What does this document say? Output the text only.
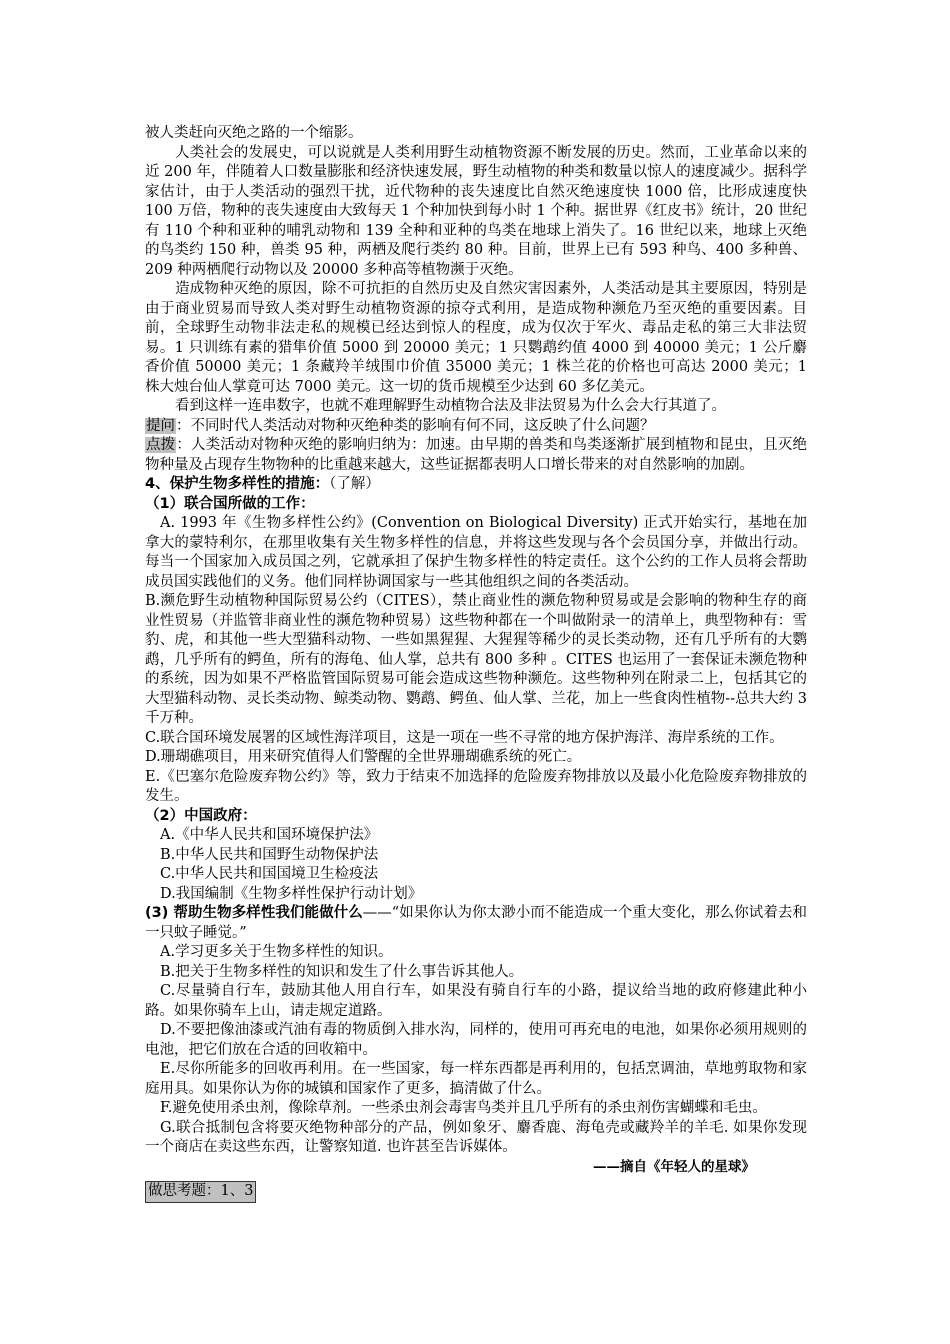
被人类赶向灭绝之路的一个缩影。

人类社会的发展史，可以说就是人类利用野生动植物资源不断发展的历史。然而，工业革命以来的近 200 年，伴随着人口数量膨胀和经济快速发展，野生动植物的种类和数量以惊人的速度减少。据科学家估计，由于人类活动的强烈干扰，近代物种的丧失速度比自然灭绝速度快 1000 倍，比形成速度快 100 万倍，物种的丧失速度由大致每天 1 个种加快到每小时 1 个种。据世界《红皮书》统计，20 世纪有 110 个种和亚种的哺乳动物和 139 全种和亚种的鸟类在地球上消失了。16 世纪以来，地球上灭绝的鸟类约 150 种，兽类 95 种，两栖及爬行类约 80 种。目前，世界上已有 593 种鸟、400 多种兽、209 种两栖爬行动物以及 20000 多种高等植物濒于灭绝。

造成物种灭绝的原因，除不可抗拒的自然历史及自然灾害因素外，人类活动是其主要原因，特别是由于商业贸易而导致人类对野生动植物资源的掠夺式利用，是造成物种濒危乃至灭绝的重要因素。目前，全球野生动物非法走私的规模已经达到惊人的程度，成为仅次于军火、毒品走私的第三大非法贸易。1 只训练有素的猎隼价值 5000 到 20000 美元；1 只鹦鹉约值 4000 到 40000 美元；1 公斤麝香价值 50000 美元；1 条藏羚羊绒围巾价值 35000 美元；1 株兰花的价格也可高达 2000 美元；1 株大烛台仙人掌竟可达 7000 美元。这一切的货币规模至少达到 60 多亿美元。

看到这样一连串数字，也就不难理解野生动植物合法及非法贸易为什么会大行其道了。

提问：不同时代人类活动对物种灭绝种类的影响有何不同，这反映了什么问题？

点拨：人类活动对物种灭绝的影响归纳为：加速。由早期的兽类和鸟类逐渐扩展到植物和昆虫，且灭绝物种量及占现存生物物种的比重越来越大，这些证据都表明人口增长带来的对自然影响的加剧。

4、保护生物多样性的措施：（了解）

（1）联合国所做的工作：

A. 1993 年《生物多样性公约》(Convention on Biological Diversity) 正式开始实行，基地在加拿大的蒙特利尔，在那里收集有关生物多样性的信息，并将这些发现与各个会员国分享，并做出行动。每当一个国家加入成员国之列，它就承担了保护生物多样性的特定责任。这个公约的工作人员将会帮助成员国实践他们的义务。他们同样协调国家与一些其他组织之间的各类活动。

B.濒危野生动植物种国际贸易公约（CITES），禁止商业性的濒危物种贸易或是会影响的物种生存的商业性贸易（并监管非商业性的濒危物种贸易）这些物种都在一个叫做附录一的清单上，典型物种有：雪豹、虎，和其他一些大型猫科动物、一些如黑猩猩、大猩猩等稀少的灵长类动物，还有几乎所有的大鹦鹉，几乎所有的鳄鱼，所有的海龟、仙人掌，总共有 800 多种 。CITES 也运用了一套保证未濒危物种的系统，因为如果不严格监管国际贸易可能会造成这些物种濒危。这些物种列在附录二上，包括其它的大型猫科动物、灵长类动物、鲸类动物、鹦鹉、鳄鱼、仙人掌、兰花，加上一些食肉性植物--总共大约 3 千万种。

C.联合国环境发展署的区域性海洋项目，这是一项在一些不寻常的地方保护海洋、海岸系统的工作。

D.珊瑚礁项目，用来研究值得人们警醒的全世界珊瑚礁系统的死亡。

E.《巴塞尔危险废弃物公约》等，致力于结束不加选择的危险废弃物排放以及最小化危险废弃物排放的发生。

（2）中国政府：

A.《中华人民共和国环境保护法》

B.中华人民共和国野生动物保护法

C.中华人民共和国国境卫生检疫法

D.我国编制《生物多样性保护行动计划》

(3) 帮助生物多样性我们能做什么——“如果你认为你太渺小而不能造成一个重大变化，那么你试着去和一只蚊子睡觉。”

A.学习更多关于生物多样性的知识。

B.把关于生物多样性的知识和发生了什么事告诉其他人。

C.尽量骑自行车，鼓励其他人用自行车，如果没有骑自行车的小路，提议给当地的政府修建此种小路。如果你骑车上山，请走规定道路。

D.不要把像油漆或汽油有毒的物质倒入排水沟，同样的，使用可再充电的电池，如果你必须用规则的电池，把它们放在合适的回收箱中。

E.尽你所能多的回收再利用。在一些国家，每一样东西都是再利用的，包括烹调油，草地剪取物和家庭用具。如果你认为你的城镇和国家作了更多，搞清做了什么。

F.避免使用杀虫剂，像除草剂。一些杀虫剂会毒害鸟类并且几乎所有的杀虫剂伤害蝴蝶和毛虫。

G.联合抵制包含将要灭绝物种部分的产品，例如象牙、麝香鹿、海龟壳或藏羚羊的羊毛. 如果你发现一个商店在卖这些东西，让警察知道. 也许甚至告诉媒体。

——摘自《年轻人的星球》

做思考题：1、3
